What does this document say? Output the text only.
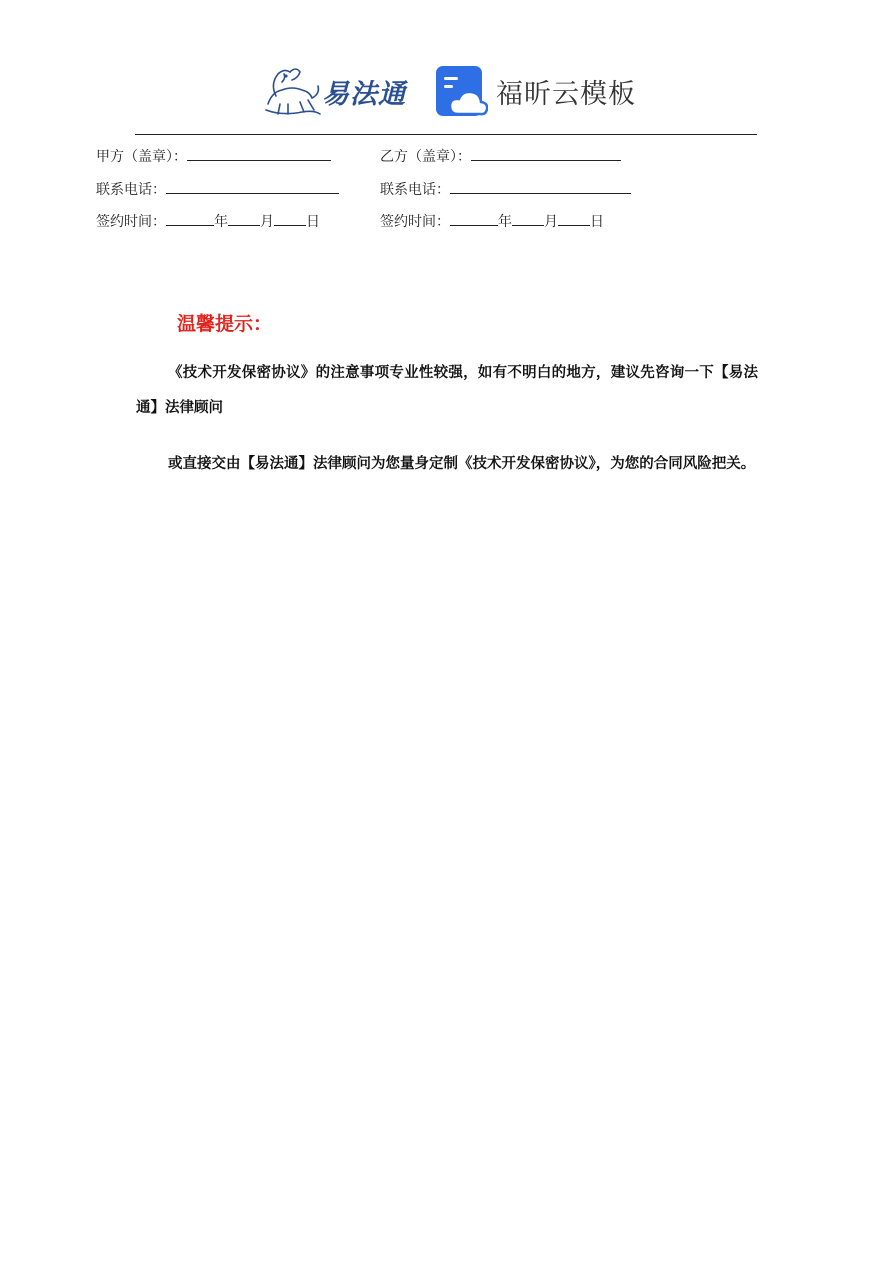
易法通	福昕云模板
甲方（盖章）：	乙方（盖章）：
联系电话：	联系电话：
签约时间：	年 月 日	签约时间：	年 月 日
温馨提示：

《技术开发保密协议》的注意事项专业性较强，如有不明白的地方，建议先咨询一下【易法通】法律顾问

或直接交由【易法通】法律顾问为您量身定制《技术开发保密协议》，为您的合同风险把关。
